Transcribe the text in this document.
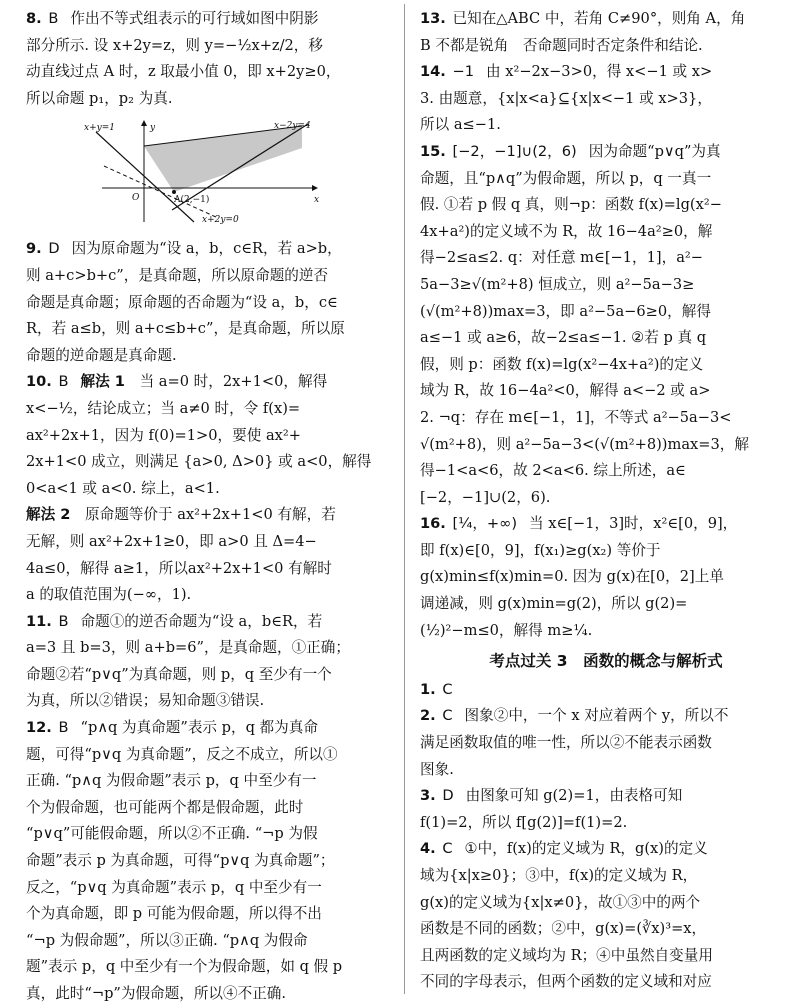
8. B 作出不等式组表示的可行域如图中阴影

部分所示. 设 x+2y=z，则 y=−½x+z/2，移

动直线过点 A 时，z 取最小值 0，即 x+2y≥0，

所以命题 p₁，p₂ 为真.

x+y=1	x−2y=4
x+2y=0
A(2,−1)
O	x
y

9. D 因为原命题为“设 a，b，c∈R，若 a>b，

则 a+c>b+c”，是真命题，所以原命题的逆否

命题是真命题；原命题的否命题为“设 a，b，c∈

R，若 a≤b，则 a+c≤b+c”，是真命题，所以原

命题的逆命题是真命题.

10. B 解法 1　 当 a=0 时，2x+1<0，解得

x<−½，结论成立；当 a≠0 时，令 f(x)=

ax²+2x+1，因为 f(0)=1>0，要使 ax²+

2x+1<0 成立，则满足 {a>0, Δ>0} 或 a<0，解得

0<a<1 或 a<0. 综上，a<1.

解法 2　 原命题等价于 ax²+2x+1<0 有解，若

无解，则 ax²+2x+1≥0，即 a>0 且 Δ=4−

4a≤0，解得 a≥1，所以ax²+2x+1<0 有解时

a 的取值范围为(−∞，1).

11. B 命题①的逆否命题为“设 a，b∈R，若

a=3 且 b=3，则 a+b=6”，是真命题，①正确；

命题②若“p∨q”为真命题，则 p，q 至少有一个

为真，所以②错误；易知命题③错误.

12. B “p∧q 为真命题”表示 p，q 都为真命

题，可得“p∨q 为真命题”，反之不成立，所以①

正确. “p∧q 为假命题”表示 p，q 中至少有一

个为假命题，也可能两个都是假命题，此时

“p∨q”可能假命题，所以②不正确. “¬p 为假

命题”表示 p 为真命题，可得“p∨q 为真命题”；

反之，“p∨q 为真命题”表示 p，q 中至少有一

个为真命题，即 p 可能为假命题，所以得不出

“¬p 为假命题”，所以③正确. “p∧q 为假命

题”表示 p，q 中至少有一个为假命题，如 q 假 p

真，此时“¬p”为假命题，所以④不正确.

13. 已知在△ABC 中，若角 C≠90°，则角 A，角

B 不都是锐角　否命题同时否定条件和结论.

14. −1 由 x²−2x−3>0，得 x<−1 或 x>

3. 由题意，{x|x<a}⊆{x|x<−1 或 x>3}，

所以 a≤−1.

15. [−2，−1]∪(2，6) 因为命题“p∨q”为真

命题，且“p∧q”为假命题，所以 p，q 一真一

假. ①若 p 假 q 真，则¬p：函数 f(x)=lg(x²−

4x+a²)的定义域不为 R，故 16−4a²≥0，解

得−2≤a≤2. q：对任意 m∈[−1，1]，a²−

5a−3≥√(m²+8) 恒成立，则 a²−5a−3≥

(√(m²+8))max=3，即 a²−5a−6≥0，解得

a≤−1 或 a≥6，故−2≤a≤−1. ②若 p 真 q

假，则 p：函数 f(x)=lg(x²−4x+a²)的定义

域为 R，故 16−4a²<0，解得 a<−2 或 a>

2. ¬q：存在 m∈[−1，1]，不等式 a²−5a−3<

√(m²+8)，则 a²−5a−3<(√(m²+8))max=3，解

得−1<a<6，故 2<a<6. 综上所述，a∈

[−2，−1]∪(2，6).

16. [¼，+∞) 当 x∈[−1，3]时，x²∈[0，9]，

即 f(x)∈[0，9]，f(x₁)≥g(x₂) 等价于

g(x)min≤f(x)min=0. 因为 g(x)在[0，2]上单

调递减，则 g(x)min=g(2)，所以 g(2)=

(½)²−m≤0，解得 m≥¼.

考点过关 3　函数的概念与解析式

1. C

2. C 图象②中，一个 x 对应着两个 y，所以不

满足函数取值的唯一性，所以②不能表示函数

图象.

3. D 由图象可知 g(2)=1，由表格可知

f(1)=2，所以 f[g(2)]=f(1)=2.

4. C ①中，f(x)的定义域为 R，g(x)的定义

域为{x|x≥0}；③中，f(x)的定义域为 R，

g(x)的定义域为{x|x≠0}，故①③中的两个

函数是不同的函数；②中，g(x)=(∛x)³=x，

且两函数的定义域均为 R；④中虽然自变量用

不同的字母表示，但两个函数的定义域和对应
